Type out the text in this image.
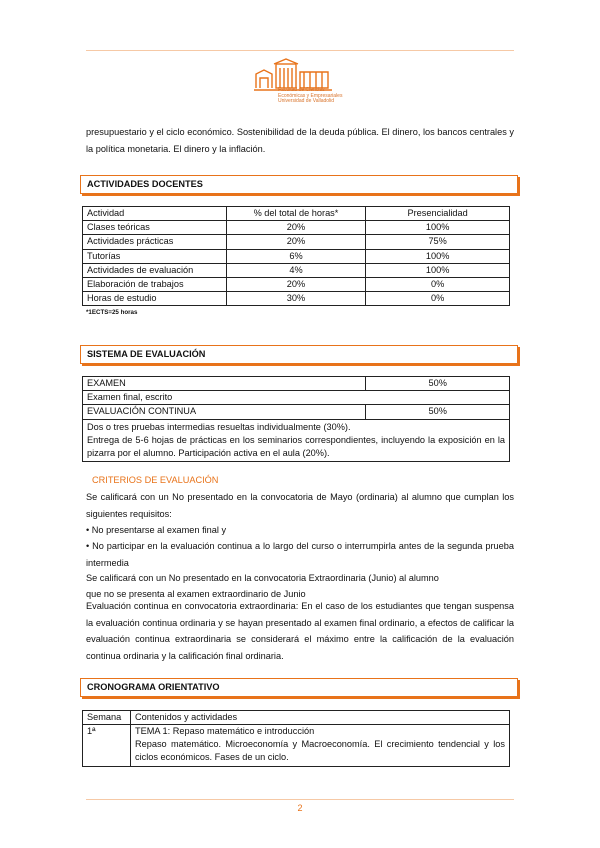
Facultad de Ciencias
Económicas y Empresariales
Universidad de Valladolid
presupuestario y el ciclo económico. Sostenibilidad de la deuda pública. El dinero, los bancos centrales y la política monetaria. El dinero y la inflación.
ACTIVIDADES DOCENTES
Actividad	% del total de horas*	Presencialidad
Clases teóricas	20%	100%
Actividades prácticas	20%	75%
Tutorías	6%	100%
Actividades de evaluación	4%	100%
Elaboración de trabajos	20%	0%
Horas de estudio	30%	0%
*1ECTS=25 horas
SISTEMA DE EVALUACIÓN
EXAMEN	50%
Examen final, escrito	
EVALUACIÓN CONTINUA	50%

Dos o tres pruebas intermedias resueltas individualmente (30%).
Entrega de 5-6 hojas de prácticas en los seminarios correspondientes, incluyendo la exposición en la pizarra por el alumno. Participación activa en el aula (20%).	
CRITERIOS DE EVALUACIÓN
Se calificará con un No presentado en la convocatoria de Mayo (ordinaria) al alumno que cumplan los siguientes requisitos:
• No presentarse al examen final y
• No participar en la evaluación continua a lo largo del curso o interrumpirla antes de la segunda prueba intermedia
Se calificará con un No presentado en la convocatoria Extraordinaria (Junio) al alumno
que no se presenta al examen extraordinario de Junio
Evaluación continua en convocatoria extraordinaria: En el caso de los estudiantes que tengan suspensa la evaluación continua ordinaria y se hayan presentado al examen final ordinario, a efectos de calificar la evaluación continua extraordinaria se considerará el máximo entre la calificación de la evaluación continua ordinaria y la calificación final ordinaria.
CRONOGRAMA ORIENTATIVO
Semana	Contenidos y actividades
1ª	TEMA 1: Repaso matemático e introducción
Repaso matemático. Microeconomía y Macroeconomía. El crecimiento tendencial y los ciclos económicos. Fases de un ciclo.
2
